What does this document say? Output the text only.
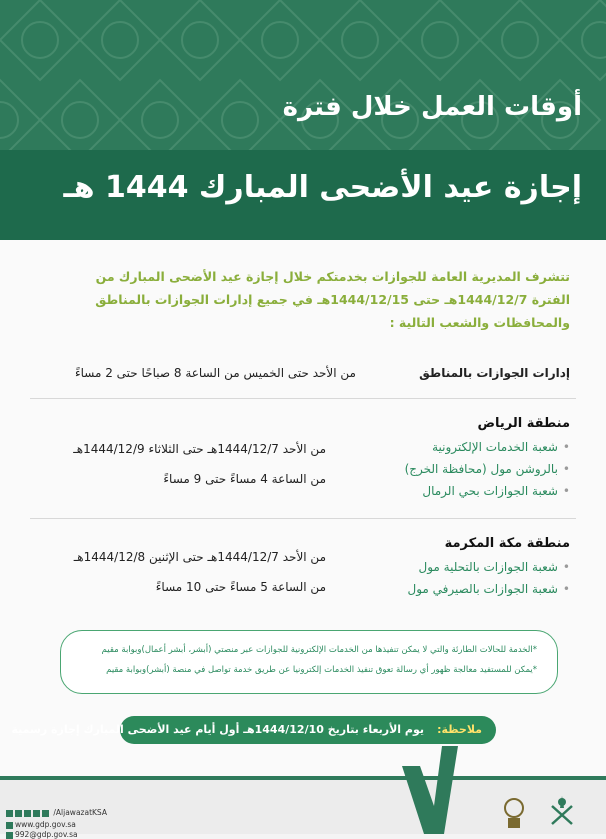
أوقات العمل خلال فترة
إجازة عيد الأضحى المبارك 1444 هـ
تتشرف المديرية العامة للجوازات بخدمتكم خلال إجازة عيد الأضحى المبارك من الفترة 1444/12/7هـ حتى 1444/12/15هـ في جميع إدارات الجوازات بالمناطق والمحافظات والشعب التالية :
إدارات الجوازات بالمناطق
من الأحد حتى الخميس من الساعة 8 صباحًا حتى 2 مساءً
منطقة الرياض
• شعبة الخدمات الإلكترونية
• بالروشن مول (محافظة الخرج)
• شعبة الجوازات بحي الرمال
من الأحد 1444/12/7هـ حتى الثلاثاء 1444/12/9هـ
من الساعة 4 مساءً حتى 9 مساءً
منطقة مكة المكرمة
• شعبة الجوازات بالتحلية مول
• شعبة الجوازات بالصيرفي مول
من الأحد 1444/12/7هـ حتى الإثنين 1444/12/8هـ
من الساعة 5 مساءً حتى 10 مساءً
*الخدمة للحالات الطارئة والتي لا يمكن تنفيذها من الخدمات الإلكترونية للجوازات عبر منصتي (أبشر، أبشر أعمال)وبوابة مقيم
*يمكن للمستفيد معالجة ظهور أي رسالة تعوق تنفيذ الخدمات إلكترونيا عن طريق خدمة تواصل في منصة (أبشر)وبوابة مقيم
ملاحظة:
يوم الأربعاء بتاريخ 1444/12/10هـ أول أيام عيد الأضحى المبارك إجازة رسمية
/AljawazatKSA
www.gdp.gov.sa
992@gdp.gov.sa
